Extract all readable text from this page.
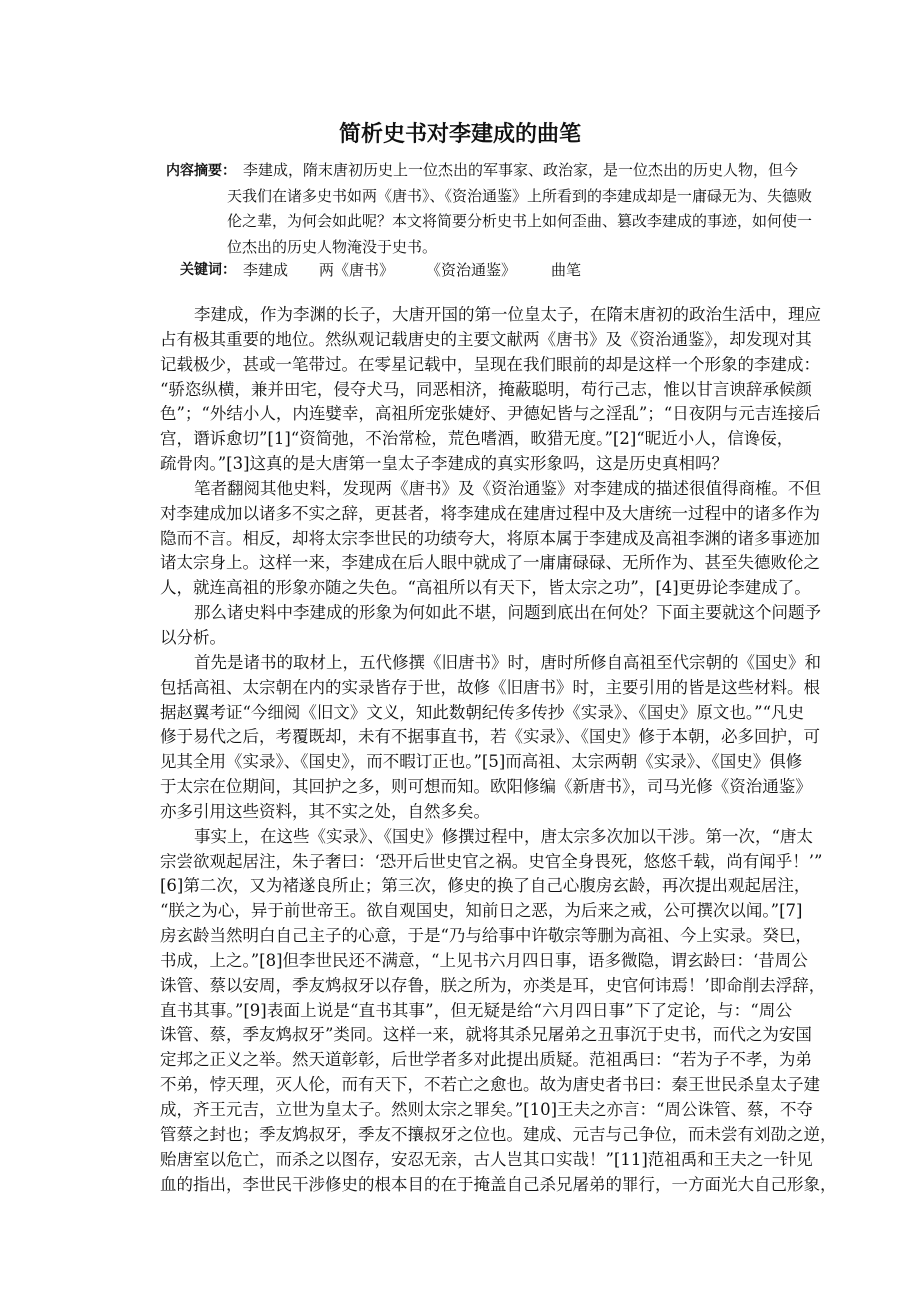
简析史书对李建成的曲笔
内容摘要： 李建成，隋末唐初历史上一位杰出的军事家、政治家，是一位杰出的历史人物，但今
天我们在诸多史书如两《唐书》、《资治通鉴》上所看到的李建成却是一庸碌无为、失德败
伦之辈，为何会如此呢？本文将简要分析史书上如何歪曲、篡改李建成的事迹，如何使一
位杰出的历史人物淹没于史书。
关键词： 李建成 两《唐书》 《资治通鉴》 曲笔
李建成，作为李渊的长子，大唐开国的第一位皇太子，在隋末唐初的政治生活中，理应
占有极其重要的地位。然纵观记载唐史的主要文献两《唐书》及《资治通鉴》，却发现对其
记载极少，甚或一笔带过。在零星记载中，呈现在我们眼前的却是这样一个形象的李建成：
“骄恣纵横，兼并田宅，侵夺犬马，同恶相济，掩蔽聪明，苟行己志，惟以甘言谀辞承候颜
色”；“外结小人，内连嬖幸，高祖所宠张婕妤、尹德妃皆与之淫乱”；“日夜阴与元吉连接后
宫，谮诉愈切”[1]“资简弛，不治常检，荒色嗜酒，畋猎无度。”[2]“昵近小人，信谗佞，
疏骨肉。”[3]这真的是大唐第一皇太子李建成的真实形象吗，这是历史真相吗？
笔者翻阅其他史料，发现两《唐书》及《资治通鉴》对李建成的描述很值得商榷。不但
对李建成加以诸多不实之辞，更甚者，将李建成在建唐过程中及大唐统一过程中的诸多作为
隐而不言。相反，却将太宗李世民的功绩夸大，将原本属于李建成及高祖李渊的诸多事迹加
诸太宗身上。这样一来，李建成在后人眼中就成了一庸庸碌碌、无所作为、甚至失德败伦之
人，就连高祖的形象亦随之失色。“高祖所以有天下，皆太宗之功”，[4]更毋论李建成了。
那么诸史料中李建成的形象为何如此不堪，问题到底出在何处？下面主要就这个问题予
以分析。
首先是诸书的取材上，五代修撰《旧唐书》时，唐时所修自高祖至代宗朝的《国史》和
包括高祖、太宗朝在内的实录皆存于世，故修《旧唐书》时，主要引用的皆是这些材料。根
据赵翼考证“今细阅《旧文》文义，知此数朝纪传多传抄《实录》、《国史》原文也。”“凡史
修于易代之后，考覆既却，未有不据事直书，若《实录》、《国史》修于本朝，必多回护，可
见其全用《实录》、《国史》，而不暇订正也。”[5]而高祖、太宗两朝《实录》、《国史》俱修
于太宗在位期间，其回护之多，则可想而知。欧阳修编《新唐书》，司马光修《资治通鉴》
亦多引用这些资料，其不实之处，自然多矣。
事实上，在这些《实录》、《国史》修撰过程中，唐太宗多次加以干涉。第一次，“唐太
宗尝欲观起居注，朱子奢曰：‘恐开后世史官之祸。史官全身畏死，悠悠千载，尚有闻乎！’”
[6]第二次，又为褚遂良所止；第三次，修史的换了自己心腹房玄龄，再次提出观起居注，
“朕之为心，异于前世帝王。欲自观国史，知前日之恶，为后来之戒，公可撰次以闻。”[7]
房玄龄当然明白自己主子的心意，于是“乃与给事中许敬宗等删为高祖、今上实录。癸巳，
书成，上之。”[8]但李世民还不满意，“上见书六月四日事，语多微隐，谓玄龄曰：‘昔周公
诛管、蔡以安周，季友鸩叔牙以存鲁，朕之所为，亦类是耳，史官何讳焉！’即命削去浮辞，
直书其事。”[9]表面上说是“直书其事”，但无疑是给“六月四日事”下了定论，与：“周公
诛管、蔡，季友鸩叔牙”类同。这样一来，就将其杀兄屠弟之丑事沉于史书，而代之为安国
定邦之正义之举。然天道彰彰，后世学者多对此提出质疑。范祖禹曰：“若为子不孝，为弟
不弟，悖天理，灭人伦，而有天下，不若亡之愈也。故为唐史者书曰：秦王世民杀皇太子建
成，齐王元吉，立世为皇太子。然则太宗之罪矣。”[10]王夫之亦言：“周公诛管、蔡，不夺
管蔡之封也；季友鸩叔牙，季友不攘叔牙之位也。建成、元吉与己争位，而未尝有刘劭之逆，
贻唐室以危亡，而杀之以图存，安忍无亲，古人岂其口实哉！”[11]范祖禹和王夫之一针见
血的指出，李世民干涉修史的根本目的在于掩盖自己杀兄屠弟的罪行，一方面光大自己形象，
